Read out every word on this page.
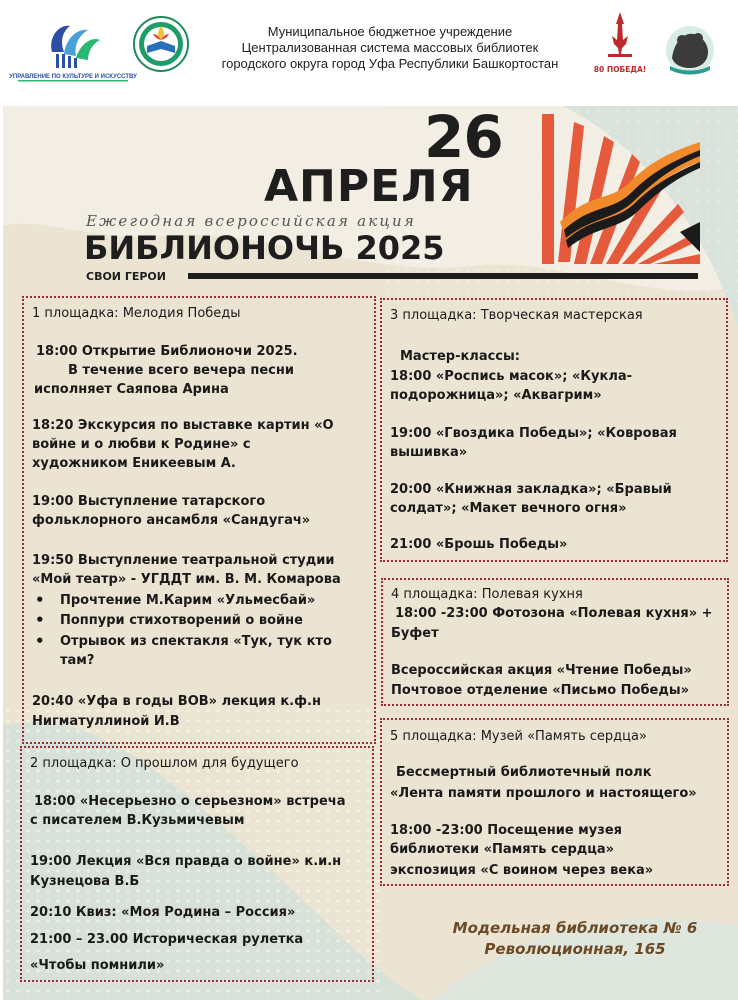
УПРАВЛЕНИЕ ПО КУЛЬТУРЕ И ИСКУССТВУ
Муниципальное бюджетное учреждение
Централизованная система массовых библиотек
городского округа город Уфа Республики Башкортостан	80 ПОБЕДА!
26
АПРЕЛЯ
Ежегодная всероссийская акция
БИБЛИОНОЧЬ 2025
СВОИ ГЕРОИ
1 площадка: Мелодия Победы
18:00 Открытие Библионочи 2025.
В течение всего вечера песни
исполняет Саяпова Арина
18:20 Экскурсия по выставке картин «О
войне и о любви к Родине» с
художником Еникеевым А.
19:00 Выступление татарского
фольклорного ансамбля «Сандугач»
19:50 Выступление театральной студии
«Мой театр» - УГДДТ им. В. М. Комарова
• Прочтение М.Карим «Ульмесбай»
• Поппури стихотворений о войне
• Отрывок из спектакля «Тук, тук кто
там?
20:40 «Уфа в годы ВОВ» лекция к.ф.н
Нигматуллиной И.В
2 площадка: О прошлом для будущего
18:00 «Несерьезно о серьезном» встреча
с писателем В.Кузьмичевым
19:00 Лекция «Вся правда о войне» к.и.н
Кузнецова В.Б
20:10 Квиз: «Моя Родина – Россия»
21:00 – 23.00 Историческая рулетка
«Чтобы помнили»
3 площадка: Творческая мастерская
Мастер-классы:
18:00 «Роспись масок»; «Кукла-
подорожница»; «Аквагрим»
19:00 «Гвоздика Победы»; «Ковровая
вышивка»
20:00 «Книжная закладка»; «Бравый
солдат»; «Макет вечного огня»
21:00 «Брошь Победы»
4 площадка: Полевая кухня
18:00 -23:00 Фотозона «Полевая кухня» +
Буфет
Всероссийская акция «Чтение Победы»
Почтовое отделение «Письмо Победы»
5 площадка: Музей «Память сердца»
Бессмертный библиотечный полк
«Лента памяти прошлого и настоящего»
18:00 -23:00 Посещение музея
библиотеки «Память сердца»
экспозиция «С воином через века»
Модельная библиотека № 6
Революционная, 165
